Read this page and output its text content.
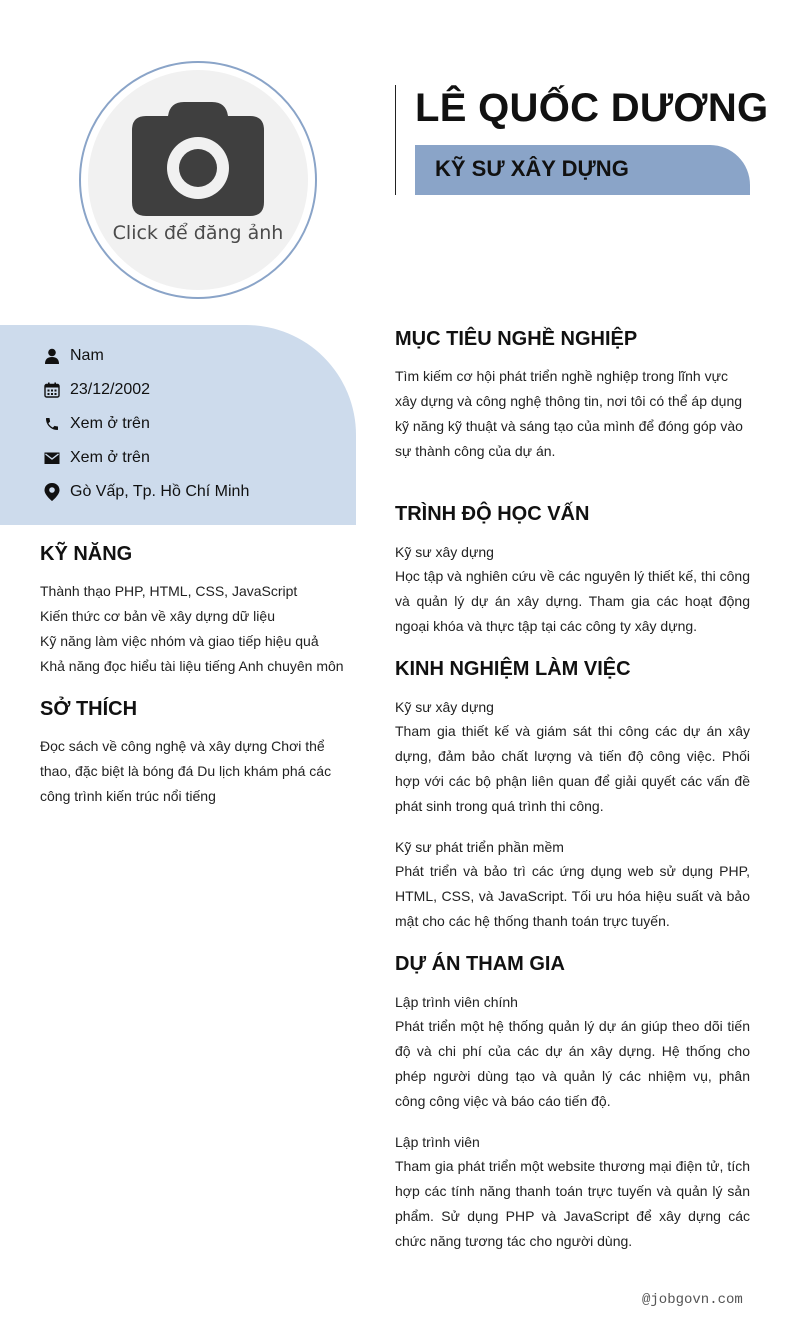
Click để đăng ảnh
LÊ QUỐC DƯƠNG
KỸ SƯ XÂY DỰNG
Nam
23/12/2002
Xem ở trên
Xem ở trên
Gò Vấp, Tp. Hồ Chí Minh
KỸ NĂNG
Thành thạo PHP, HTML, CSS, JavaScript
Kiến thức cơ bản về xây dựng dữ liệu
Kỹ năng làm việc nhóm và giao tiếp hiệu quả
Khả năng đọc hiểu tài liệu tiếng Anh chuyên môn
SỞ THÍCH
Đọc sách về công nghệ và xây dựng Chơi thể thao, đặc biệt là bóng đá Du lịch khám phá các công trình kiến trúc nổi tiếng
MỤC TIÊU NGHỀ NGHIỆP
Tìm kiếm cơ hội phát triển nghề nghiệp trong lĩnh vực xây dựng và công nghệ thông tin, nơi tôi có thể áp dụng kỹ năng kỹ thuật và sáng tạo của mình để đóng góp vào sự thành công của dự án.
TRÌNH ĐỘ HỌC VẤN
Kỹ sư xây dựng
Học tập và nghiên cứu về các nguyên lý thiết kế, thi công và quản lý dự án xây dựng. Tham gia các hoạt động ngoại khóa và thực tập tại các công ty xây dựng.
KINH NGHIỆM LÀM VIỆC
Kỹ sư xây dựng
Tham gia thiết kế và giám sát thi công các dự án xây dựng, đảm bảo chất lượng và tiến độ công việc. Phối hợp với các bộ phận liên quan để giải quyết các vấn đề phát sinh trong quá trình thi công.
Kỹ sư phát triển phần mềm
Phát triển và bảo trì các ứng dụng web sử dụng PHP, HTML, CSS, và JavaScript. Tối ưu hóa hiệu suất và bảo mật cho các hệ thống thanh toán trực tuyến.
DỰ ÁN THAM GIA
Lập trình viên chính
Phát triển một hệ thống quản lý dự án giúp theo dõi tiến độ và chi phí của các dự án xây dựng. Hệ thống cho phép người dùng tạo và quản lý các nhiệm vụ, phân công công việc và báo cáo tiến độ.
Lập trình viên
Tham gia phát triển một website thương mại điện tử, tích hợp các tính năng thanh toán trực tuyến và quản lý sản phẩm. Sử dụng PHP và JavaScript để xây dựng các chức năng tương tác cho người dùng.
@jobgovn.com
